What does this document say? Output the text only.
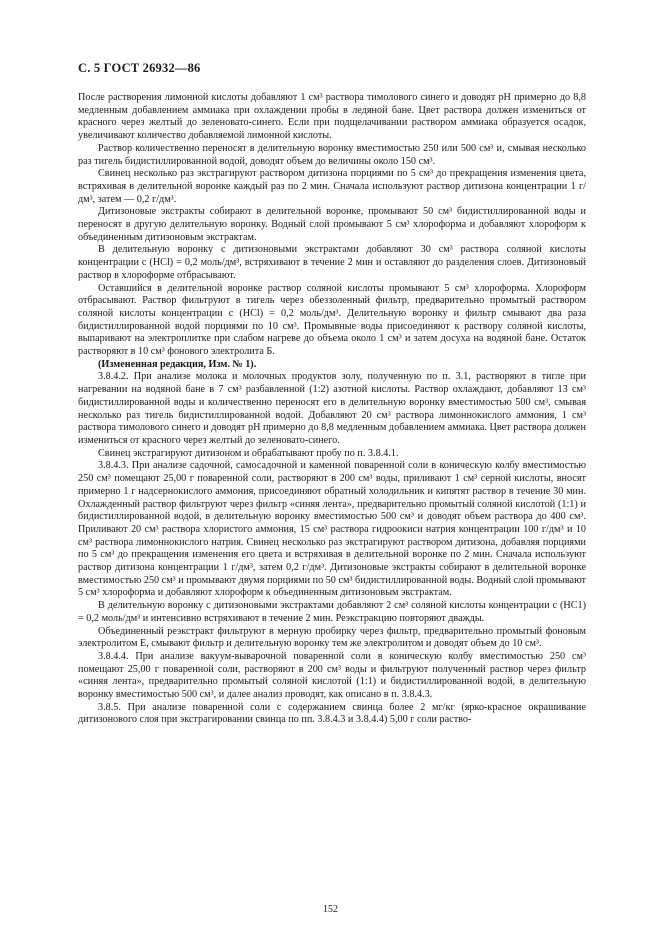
С. 5 ГОСТ 26932—86

После растворения лимонной кислоты добавляют 1 см³ раствора тимолового синего и доводят pH примерно до 8,8 медленным добавлением аммиака при охлаждении пробы в ледяной бане. Цвет раствора должен измениться от красного через желтый до зеленовато-синего. Если при подщелачивании раствором аммиака образуется осадок, увеличивают количество добавляемой лимонной кислоты.

Раствор количественно переносят в делительную воронку вместимостью 250 или 500 см³ и, смывая несколько раз тигель бидистиллированной водой, доводят объем до величины около 150 см³.

Свинец несколько раз экстрагируют раствором дитизона порциями по 5 см³ до прекращения изменения цвета, встряхивая в делительной воронке каждый раз по 2 мин. Сначала используют раствор дитизона концентрации 1 г/дм³, затем — 0,2 г/дм³.

Дитизоновые экстракты собирают в делительной воронке, промывают 50 см³ бидистиллированной воды и переносят в другую делительную воронку. Водный слой промывают 5 см³ хлороформа и добавляют хлороформ к объединенным дитизоновым экстрактам.

В делительную воронку с дитизоновыми экстрактами добавляют 30 см³ раствора соляной кислоты концентрации c (HCl) = 0,2 моль/дм³, встряхивают в течение 2 мин и оставляют до разделения слоев. Дитизоновый раствор в хлороформе отбрасывают.

Оставшийся в делительной воронке раствор соляной кислоты промывают 5 см³ хлороформа. Хлороформ отбрасывают. Раствор фильтруют в тигель через обеззоленный фильтр, предварительно промытый раствором соляной кислоты концентрации c (HCl) = 0,2 моль/дм³. Делительную воронку и фильтр смывают два раза бидистиллированной водой порциями по 10 см³. Промывные воды присоединяют к раствору соляной кислоты, выпаривают на электроплитке при слабом нагреве до объема около 1 см³ и затем досуха на водяной бане. Остаток растворяют в 10 см³ фонового электролита Б.

(Измененная редакция, Изм. № 1).

3.8.4.2. При анализе молока и молочных продуктов золу, полученную по п. 3.1, растворяют в тигле при нагревании на водяной бане в 7 см³ разбавленной (1:2) азотной кислоты. Раствор охлаждают, добавляют 13 см³ бидистиллированной воды и количественно переносят его в делительную воронку вместимостью 500 см³, смывая несколько раз тигель бидистиллированной водой. Добавляют 20 см³ раствора лимоннокислого аммония, 1 см³ раствора тимолового синего и доводят pH примерно до 8,8 медленным добавлением аммиака. Цвет раствора должен измениться от красного через желтый до зеленовато-синего.

Свинец экстрагируют дитизоном и обрабатывают пробу по п. 3.8.4.1.

3.8.4.3. При анализе садочной, самосадочной и каменной поваренной соли в коническую колбу вместимостью 250 см³ помещают 25,00 г поваренной соли, растворяют в 200 см³ воды, приливают 1 см³ серной кислоты, вносят примерно 1 г надсернокислого аммония, присоединяют обратный холодильник и кипятят раствор в течение 30 мин. Охлажденный раствор фильтруют через фильтр «синяя лента», предварительно промытый соляной кислотой (1:1) и бидистиллированной водой, в делительную воронку вместимостью 500 см³ и доводят объем раствора до 400 см³. Приливают 20 см³ раствора хлористого аммония, 15 см³ раствора гидроокиси натрия концентрации 100 г/дм³ и 10 см³ раствора лимоннокислого натрия. Свинец несколько раз экстрагируют раствором дитизона, добавляя порциями по 5 см³ до прекращения изменения его цвета и встряхивая в делительной воронке по 2 мин. Сначала используют раствор дитизона концентрации 1 г/дм³, затем 0,2 г/дм³. Дитизоновые экстракты собирают в делительной воронке вместимостью 250 см³ и промывают двумя порциями по 50 см³ бидистиллированной воды. Водный слой промывают 5 см³ хлороформа и добавляют хлороформ к объединенным дитизоновым экстрактам.

В делительную воронку с дитизоновыми экстрактами добавляют 2 см³ соляной кислоты концентрации c (HC1) = 0,2 моль/дм³ и интенсивно встряхивают в течение 2 мин. Реэкстракцию повторяют дважды.

Объединенный реэкстракт фильтруют в мерную пробирку через фильтр, предварительно промытый фоновым электролитом Е, смывают фильтр и делительную воронку тем же электролитом и доводят объем до 10 см³.

3.8.4.4. При анализе вакуум-выварочной поваренной соли в коническую колбу вместимостью 250 см³ помещают 25,00 г поваренной соли, растворяют в 200 см³ воды и фильтруют полученный раствор через фильтр «синяя лента», предварительно промытый соляной кислотой (1:1) и бидистиллированной водой, в делительную воронку вместимостью 500 см³, и далее анализ проводят, как описано в п. 3.8.4.3.

3.8.5. При анализе поваренной соли с содержанием свинца более 2 мг/кг (ярко-красное окрашивание дитизонового слоя при экстрагировании свинца по пп. 3.8.4.3 и 3.8.4.4) 5,00 г соли раство-

152
